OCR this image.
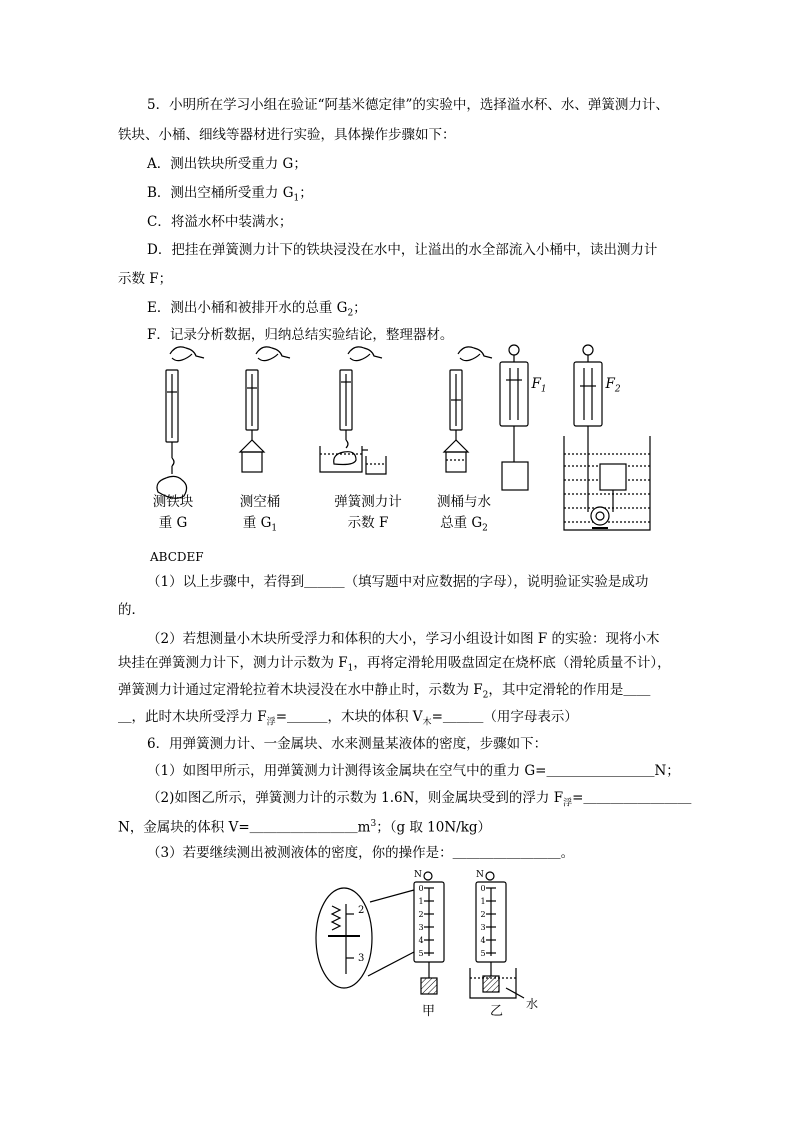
5．小明所在学习小组在验证“阿基米德定律”的实验中，选择溢水杯、水、弹簧测力计、
铁块、小桶、细线等器材进行实验，具体操作步骤如下：
A．测出铁块所受重力 G；
B．测出空桶所受重力 $G_1$；
C．将溢水杯中装满水；
D．把挂在弹簧测力计下的铁块浸没在水中，让溢出的水全部流入小桶中，读出测力计
示数 F；
E．测出小桶和被排开水的总重 $G_2$；
F．记录分析数据，归纳总结实验结论，整理器材。
测铁块
重 G
测空桶
重 $G_1$
弹簧测力计
示数 F
测桶与水
总重 $G_2$
$F_1$	$F_2$
ABCDEF
（1）以上步骤中，若得到＿＿＿（填写题中对应数据的字母），说明验证实验是成功
的．
（2）若想测量小木块所受浮力和体积的大小，学习小组设计如图 F 的实验：现将小木
块挂在弹簧测力计下，测力计示数为 $F_1$，再将定滑轮用吸盘固定在烧杯底（滑轮质量不计），
弹簧测力计通过定滑轮拉着木块浸没在水中静止时，示数为 $F_2$，其中定滑轮的作用是＿＿
＿，此时木块所受浮力 $F_浮=\_\_\_$，木块的体积 $V_木=\_\_\_$（用字母表示）
6．用弹簧测力计、一金属块、水来测量某液体的密度，步骤如下：
（1）如图甲所示，用弹簧测力计测得该金属块在空气中的重力 G=＿＿＿＿＿＿＿＿N；
（2)如图乙所示，弹簧测力计的示数为 1.6N，则金属块受到的浮力 $F_浮=\_\_\_\_\_\_\_\_$
N，金属块的体积 $V=\_\_\_\_\_\_\_\_m^3$；（g 取 10N/kg）
（3）若要继续测出被测液体的密度，你的操作是：＿＿＿＿＿＿＿＿。
N	N
2
3
甲	乙 水
0
1
2
3
4
5
0
1
2
3
4
5
